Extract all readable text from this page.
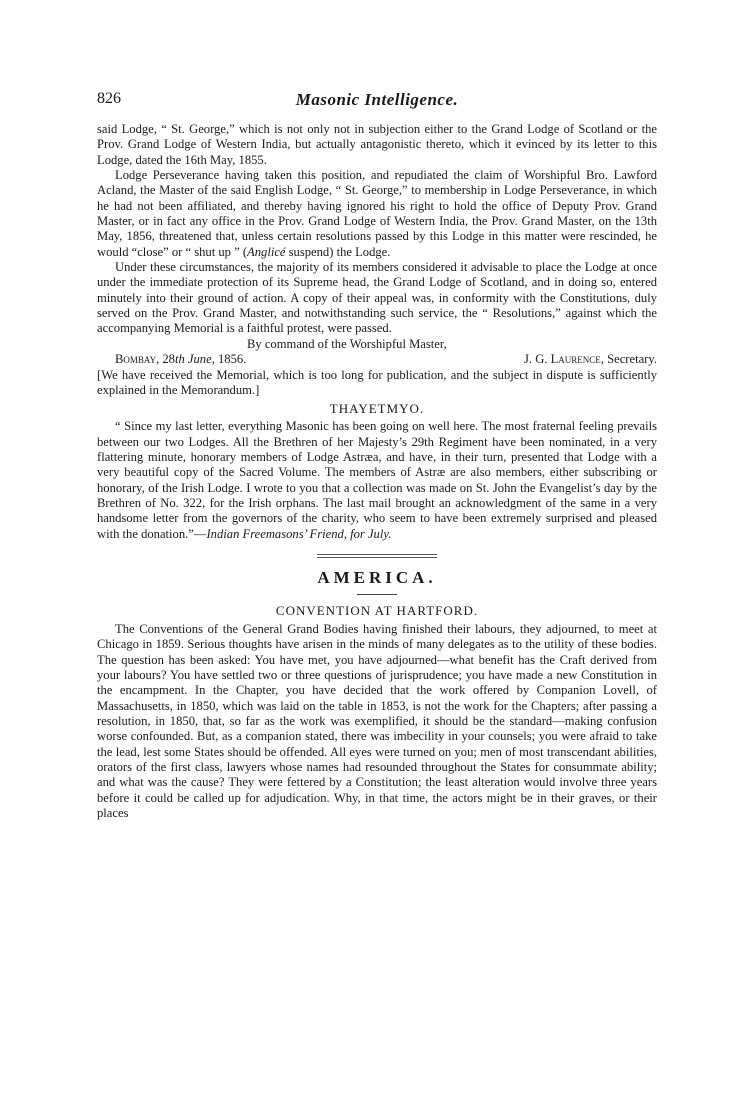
826	Masonic Intelligence.

said Lodge, “ St. George,” which is not only not in subjection either to the Grand Lodge of Scotland or the Prov. Grand Lodge of Western India, but actually antagonistic thereto, which it evinced by its letter to this Lodge, dated the 16th May, 1855.

Lodge Perseverance having taken this position, and repudiated the claim of Worshipful Bro. Lawford Acland, the Master of the said English Lodge, “ St. George,” to membership in Lodge Perseverance, in which he had not been affiliated, and thereby having ignored his right to hold the office of Deputy Prov. Grand Master, or in fact any office in the Prov. Grand Lodge of Western India, the Prov. Grand Master, on the 13th May, 1856, threatened that, unless certain resolutions passed by this Lodge in this matter were rescinded, he would “close” or “ shut up ” (Anglicé suspend) the Lodge.

Under these circumstances, the majority of its members considered it advisable to place the Lodge at once under the immediate protection of its Supreme head, the Grand Lodge of Scotland, and in doing so, entered minutely into their ground of action. A copy of their appeal was, in conformity with the Constitutions, duly served on the Prov. Grand Master, and notwithstanding such service, the “ Resolutions,” against which the accompanying Memorial is a faithful protest, were passed.

By command of the Worshipful Master,
Bombay, 28th June, 1856.	J. G. Laurence, Secretary.

[We have received the Memorial, which is too long for publication, and the subject in dispute is sufficiently explained in the Memorandum.]

THAYETMYO.

“ Since my last letter, everything Masonic has been going on well here. The most fraternal feeling prevails between our two Lodges. All the Brethren of her Majesty’s 29th Regiment have been nominated, in a very flattering minute, honorary members of Lodge Astræa, and have, in their turn, presented that Lodge with a very beautiful copy of the Sacred Volume. The members of Astræ are also members, either subscribing or honorary, of the Irish Lodge. I wrote to you that a collection was made on St. John the Evangelist’s day by the Brethren of No. 322, for the Irish orphans. The last mail brought an acknowledgment of the same in a very handsome letter from the governors of the charity, who seem to have been extremely surprised and pleased with the donation.”—Indian Freemasons’ Friend, for July.

AMERICA.
CONVENTION AT HARTFORD.

The Conventions of the General Grand Bodies having finished their labours, they adjourned, to meet at Chicago in 1859. Serious thoughts have arisen in the minds of many delegates as to the utility of these bodies. The question has been asked: You have met, you have adjourned—what benefit has the Craft derived from your labours? You have settled two or three questions of jurisprudence; you have made a new Constitution in the encampment. In the Chapter, you have decided that the work offered by Companion Lovell, of Massachusetts, in 1850, which was laid on the table in 1853, is not the work for the Chapters; after passing a resolution, in 1850, that, so far as the work was exemplified, it should be the standard—making confusion worse confounded. But, as a companion stated, there was imbecility in your counsels; you were afraid to take the lead, lest some States should be offended. All eyes were turned on you; men of most transcendant abilities, orators of the first class, lawyers whose names had resounded throughout the States for consummate ability; and what was the cause? They were fettered by a Constitution; the least alteration would involve three years before it could be called up for adjudication. Why, in that time, the actors might be in their graves, or their places
